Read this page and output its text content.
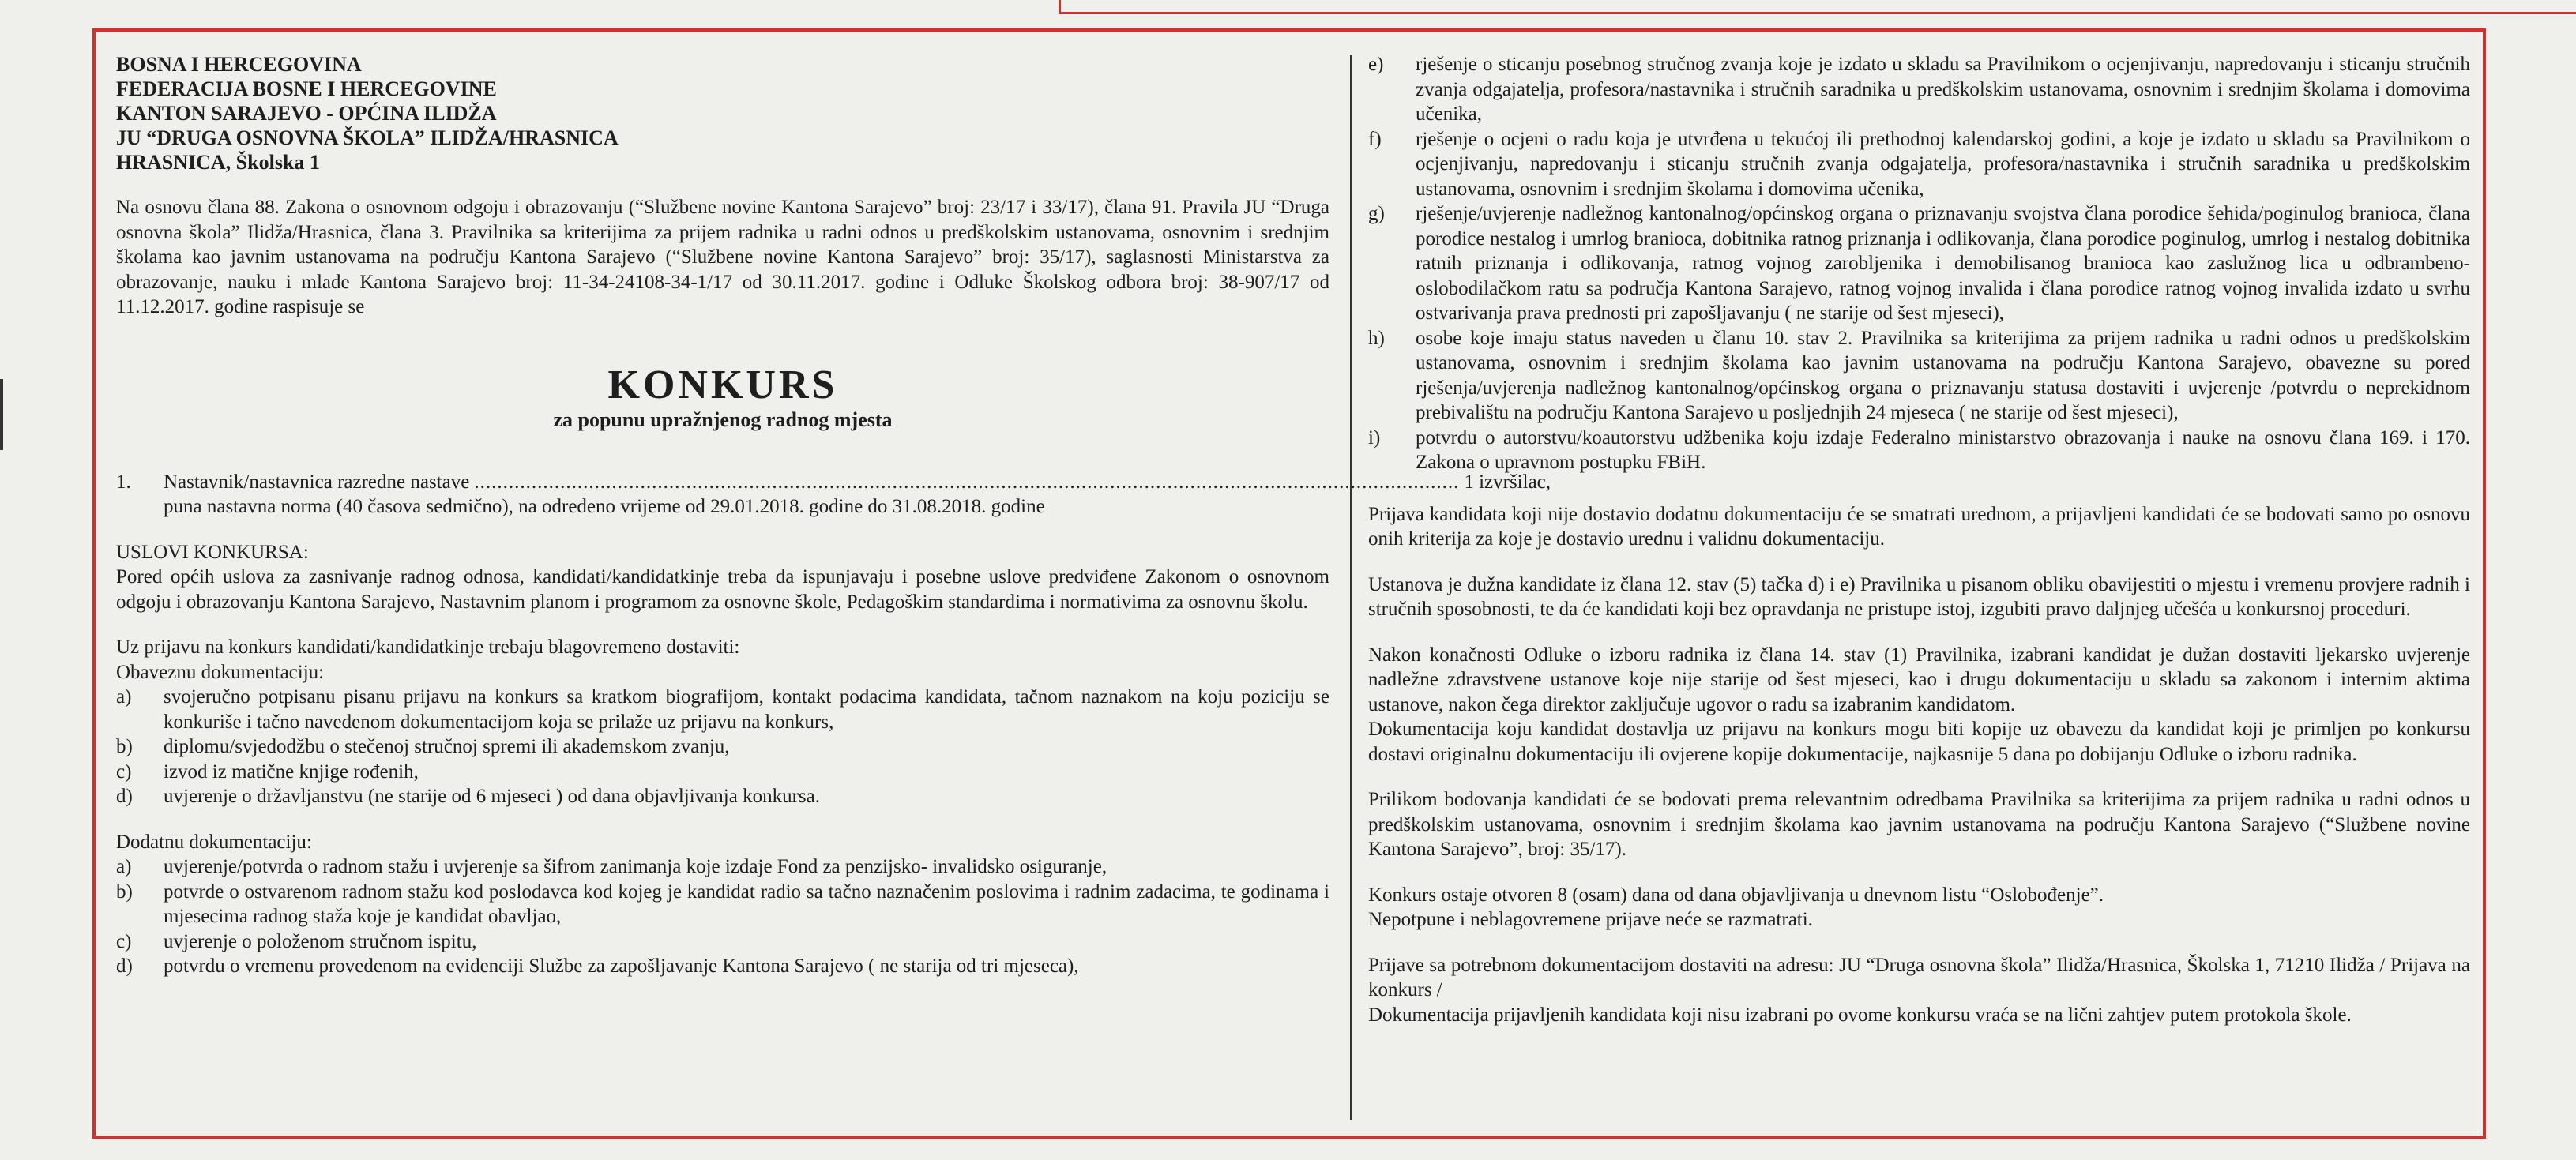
BOSNA I HERCEGOVINA
FEDERACIJA BOSNE I HERCEGOVINE
KANTON SARAJEVO - OPĆINA ILIDŽA
JU “DRUGA OSNOVNA ŠKOLA” ILIDŽA/HRASNICA
HRASNICA, Školska 1

Na osnovu člana 88. Zakona o osnovnom odgoju i obrazovanju (“Službene novine Kantona Sarajevo” broj: 23/17 i 33/17), člana 91. Pravila JU “Druga osnovna škola” Ilidža/Hrasnica, člana 3. Pravilnika sa kriterijima za prijem radnika u radni odnos u predškolskim ustanovama, osnovnim i srednjim školama kao javnim ustanovama na području Kantona Sarajevo (“Službene novine Kantona Sarajevo” broj: 35/17), saglasnosti Ministarstva za obrazovanje, nauku i mlade Kantona Sarajevo broj: 11-34-24108-34-1/17 od 30.11.2017. godine i Odluke Školskog odbora broj: 38-907/17 od 11.12.2017. godine raspisuje se

KONKURS
za popunu upražnjenog radnog mjesta
1.	Nastavnik/nastavnica razredne nastave ............................................................................................................................................................................ 1 izvršilac,
puna nastavna norma (40 časova sedmično), na određeno vrijeme od 29.01.2018. godine do 31.08.2018. godine
USLOVI KONKURSA:

Pored općih uslova za zasnivanje radnog odnosa, kandidati/kandidatkinje treba da ispunjavaju i posebne uslove predviđene Zakonom o osnovnom odgoju i obrazovanju Kantona Sarajevo, Nastavnim planom i programom za osnovne škole, Pedagoškim standardima i normativima za osnovnu školu.

Uz prijavu na konkurs kandidati/kandidatkinje trebaju blagovremeno dostaviti:
Obaveznu dokumentaciju:
a)	svojeručno potpisanu pisanu prijavu na konkurs sa kratkom biografijom, kontakt podacima kandidata, tačnom naznakom na koju poziciju se konkuriše i tačno navedenom dokumentacijom koja se prilaže uz prijavu na konkurs,
b)	diplomu/svjedodžbu o stečenoj stručnoj spremi ili akademskom zvanju,
c)	izvod iz matične knjige rođenih,
d)	uvjerenje o državljanstvu (ne starije od 6 mjeseci ) od dana objavljivanja konkursa.
Dodatnu dokumentaciju:
a)	uvjerenje/potvrda o radnom stažu i uvjerenje sa šifrom zanimanja koje izdaje Fond za penzijsko- invalidsko osiguranje,
b)	potvrde o ostvarenom radnom stažu kod poslodavca kod kojeg je kandidat radio sa tačno naznačenim poslovima i radnim zadacima, te godinama i mjesecima radnog staža koje je kandidat obavljao,
c)	uvjerenje o položenom stručnom ispitu,
d)	potvrdu o vremenu provedenom na evidenciji Službe za zapošljavanje Kantona Sarajevo ( ne starija od tri mjeseca),
e)	rješenje o sticanju posebnog stručnog zvanja koje je izdato u skladu sa Pravilnikom o ocjenjivanju, napredovanju i sticanju stručnih zvanja odgajatelja, profesora/nastavnika i stručnih saradnika u predškolskim ustanovama, osnovnim i srednjim školama i domovima učenika,
f)	rješenje o ocjeni o radu koja je utvrđena u tekućoj ili prethodnoj kalendarskoj godini, a koje je izdato u skladu sa Pravilnikom o ocjenjivanju, napredovanju i sticanju stručnih zvanja odgajatelja, profesora/nastavnika i stručnih saradnika u predškolskim ustanovama, osnovnim i srednjim školama i domovima učenika,
g)	rješenje/uvjerenje nadležnog kantonalnog/općinskog organa o priznavanju svojstva člana porodice šehida/poginulog branioca, člana porodice nestalog i umrlog branioca, dobitnika ratnog priznanja i odlikovanja, člana porodice poginulog, umrlog i nestalog dobitnika ratnih priznanja i odlikovanja, ratnog vojnog zarobljenika i demobilisanog branioca kao zaslužnog lica u odbrambeno-oslobodilačkom ratu sa područja Kantona Sarajevo, ratnog vojnog invalida i člana porodice ratnog vojnog invalida izdato u svrhu ostvarivanja prava prednosti pri zapošljavanju ( ne starije od šest mjeseci),
h)	osobe koje imaju status naveden u članu 10. stav 2. Pravilnika sa kriterijima za prijem radnika u radni odnos u predškolskim ustanovama, osnovnim i srednjim školama kao javnim ustanovama na području Kantona Sarajevo, obavezne su pored rješenja/uvjerenja nadležnog kantonalnog/općinskog organa o priznavanju statusa dostaviti i uvjerenje /potvrdu o neprekidnom prebivalištu na području Kantona Sarajevo u posljednjih 24 mjeseca ( ne starije od šest mjeseci),
i)	potvrdu o autorstvu/koautorstvu udžbenika koju izdaje Federalno ministarstvo obrazovanja i nauke na osnovu člana 169. i 170. Zakona o upravnom postupku FBiH.

Prijava kandidata koji nije dostavio dodatnu dokumentaciju će se smatrati urednom, a prijavljeni kandidati će se bodovati samo po osnovu onih kriterija za koje je dostavio urednu i validnu dokumentaciju.

Ustanova je dužna kandidate iz člana 12. stav (5) tačka d) i e) Pravilnika u pisanom obliku obavijestiti o mjestu i vremenu provjere radnih i stručnih sposobnosti, te da će kandidati koji bez opravdanja ne pristupe istoj, izgubiti pravo daljnjeg učešća u konkursnoj proceduri.

Nakon konačnosti Odluke o izboru radnika iz člana 14. stav (1) Pravilnika, izabrani kandidat je dužan dostaviti ljekarsko uvjerenje nadležne zdravstvene ustanove koje nije starije od šest mjeseci, kao i drugu dokumentaciju u skladu sa zakonom i internim aktima ustanove, nakon čega direktor zaključuje ugovor o radu sa izabranim kandidatom.

Dokumentacija koju kandidat dostavlja uz prijavu na konkurs mogu biti kopije uz obavezu da kandidat koji je primljen po konkursu dostavi originalnu dokumentaciju ili ovjerene kopije dokumentacije, najkasnije 5 dana po dobijanju Odluke o izboru radnika.

Prilikom bodovanja kandidati će se bodovati prema relevantnim odredbama Pravilnika sa kriterijima za prijem radnika u radni odnos u predškolskim ustanovama, osnovnim i srednjim školama kao javnim ustanovama na području Kantona Sarajevo (“Službene novine Kantona Sarajevo”, broj: 35/17).

Konkurs ostaje otvoren 8 (osam) dana od dana objavljivanja u dnevnom listu “Oslobođenje”.

Nepotpune i neblagovremene prijave neće se razmatrati.

Prijave sa potrebnom dokumentacijom dostaviti na adresu: JU “Druga osnovna škola” Ilidža/Hrasnica, Školska 1, 71210 Ilidža / Prijava na konkurs /

Dokumentacija prijavljenih kandidata koji nisu izabrani po ovome konkursu vraća se na lični zahtjev putem protokola škole.
